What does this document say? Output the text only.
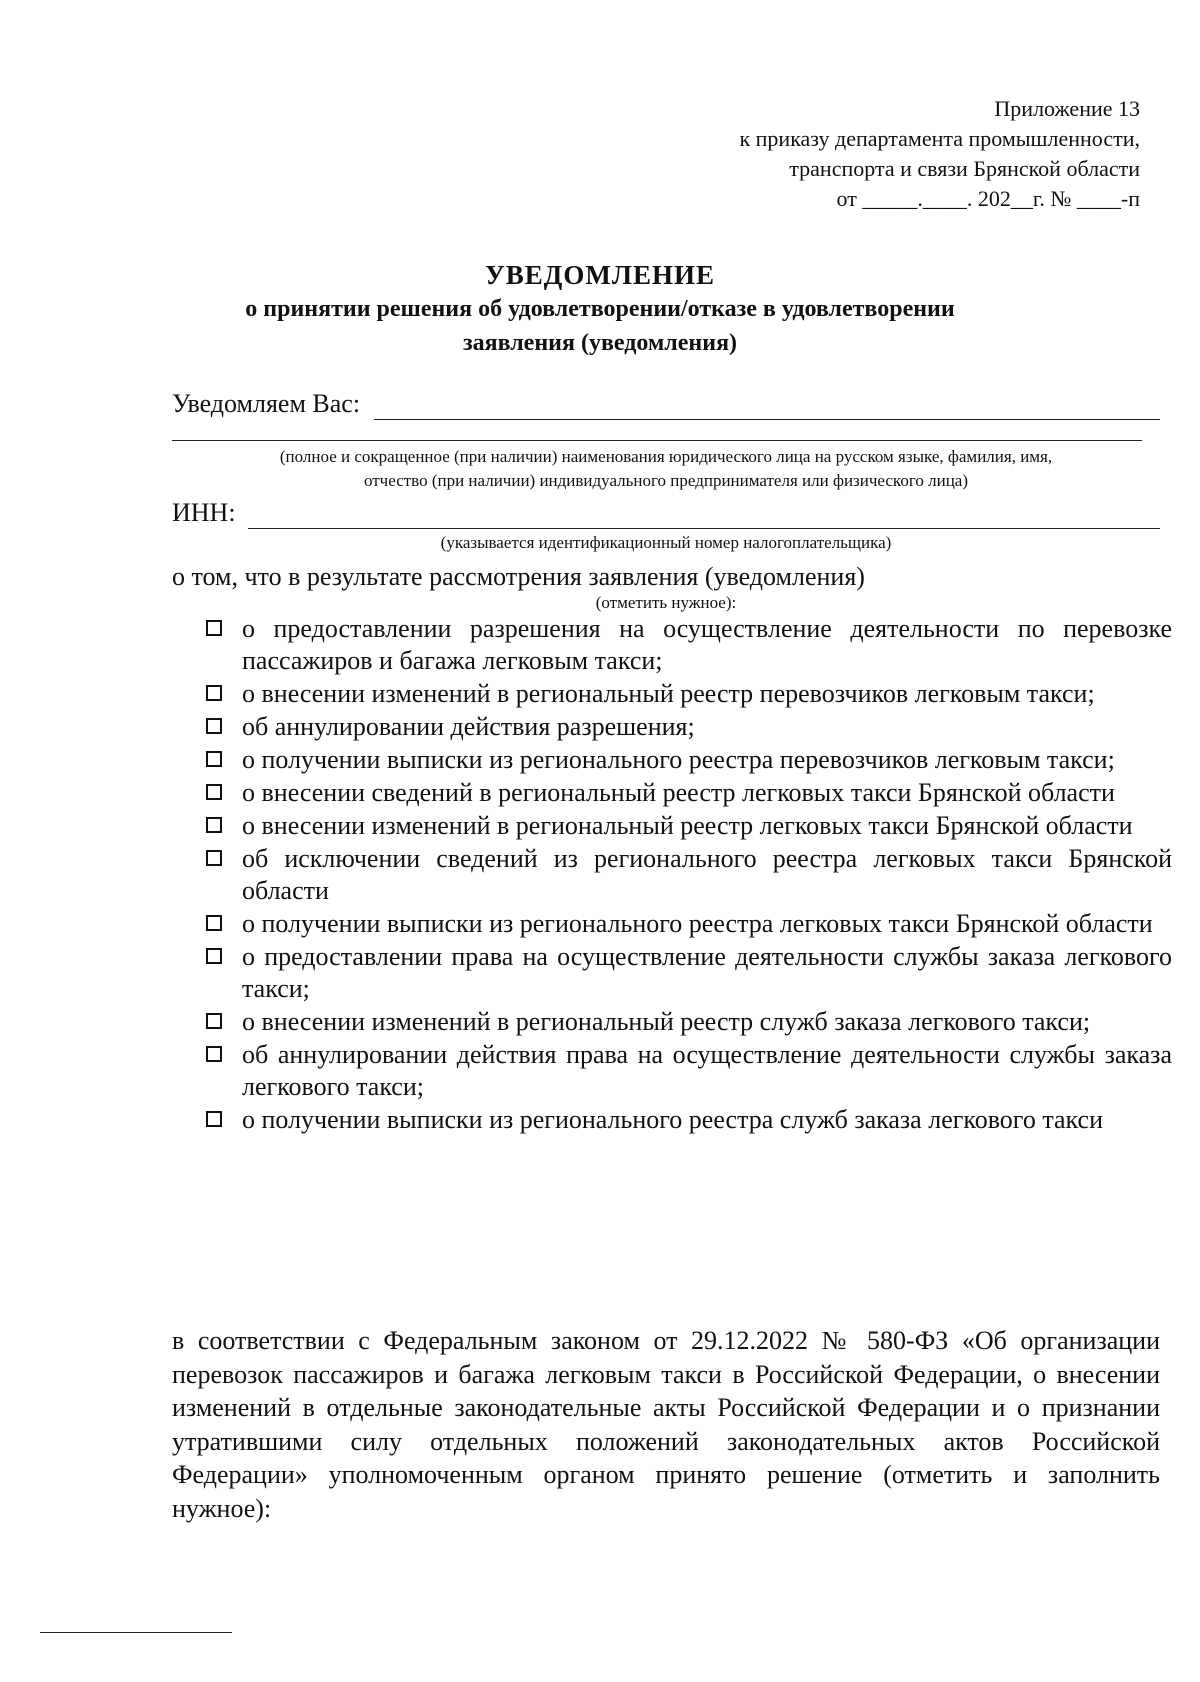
Приложение 13
к приказу департамента промышленности,
транспорта и связи Брянской области
от _____.____. 202__г. № ____-п
УВЕДОМЛЕНИЕ
о принятии решения об удовлетворении/отказе в удовлетворении
заявления (уведомления)
Уведомляем Вас:
(полное и сокращенное (при наличии) наименования юридического лица на русском языке, фамилия, имя,
отчество (при наличии) индивидуального предпринимателя или физического лица)
ИНН:
(указывается идентификационный номер налогоплательщика)
о том, что в результате рассмотрения заявления (уведомления)
(отметить нужное):
о предоставлении разрешения на осуществление деятельности по перевозке пассажиров и багажа легковым такси;
о внесении изменений в региональный реестр перевозчиков легковым такси;
об аннулировании действия разрешения;
о получении выписки из регионального реестра перевозчиков легковым такси;
о внесении сведений в региональный реестр легковых такси Брянской области
о внесении изменений в региональный реестр легковых такси Брянской области
об исключении сведений из регионального реестра легковых такси Брянской области
о получении выписки из регионального реестра легковых такси Брянской области
о предоставлении права на осуществление деятельности службы заказа легкового такси;
о внесении изменений в региональный реестр служб заказа легкового такси;
об аннулировании действия права на осуществление деятельности службы заказа легкового такси;
о получении выписки из регионального реестра служб заказа легкового такси
в соответствии с Федеральным законом от 29.12.2022 № 580-ФЗ «Об организации перевозок пассажиров и багажа легковым такси в Российской Федерации, о внесении изменений в отдельные законодательные акты Российской Федерации и о признании утратившими силу отдельных положений законодательных актов Российской Федерации» уполномоченным органом принято решение (отметить и заполнить нужное):
